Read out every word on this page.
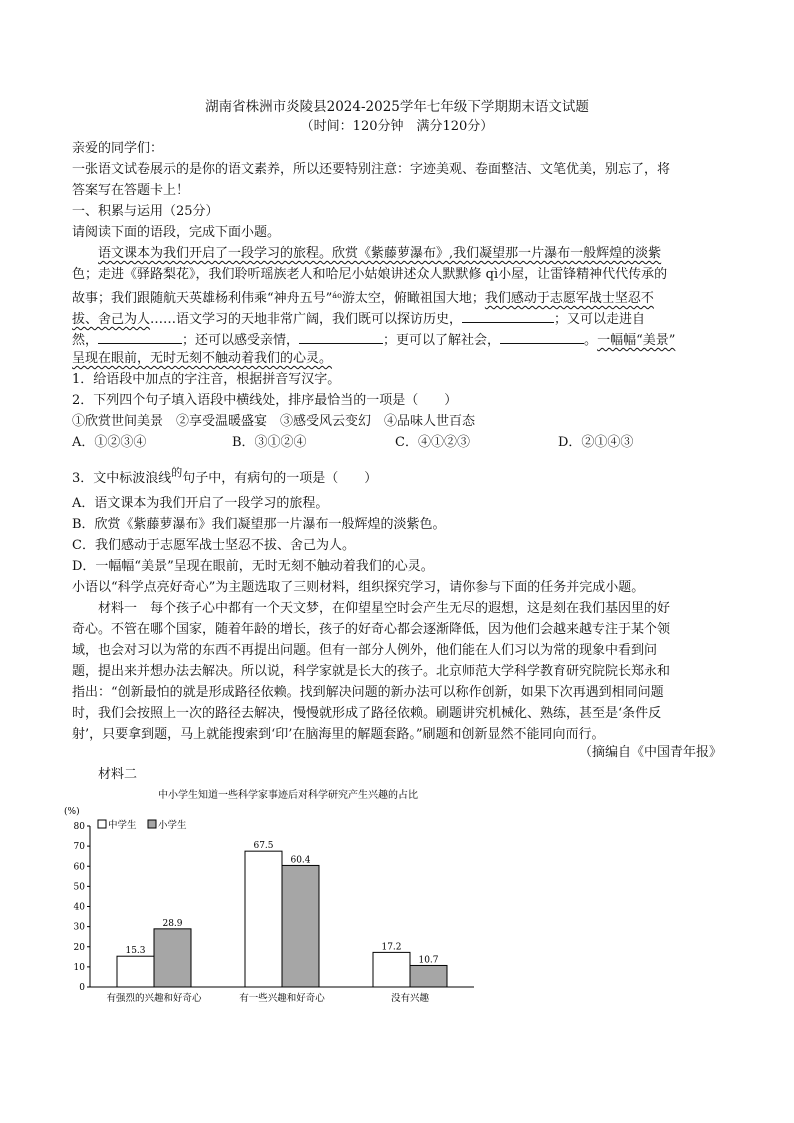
湖南省株洲市炎陵县2024-2025学年七年级下学期期末语文试题
（时间：120分钟　满分120分）
亲爱的同学们：
一张语文试卷展示的是你的语文素养，所以还要特别注意：字迹美观、卷面整洁、文笔优美，别忘了，将
答案写在答题卡上！
一、积累与运用（25分）
请阅读下面的语段，完成下面小题。
语文课本为我们开启了一段学习的旅程。欣赏《紫藤萝瀑布》,我们凝望那一片瀑布一般辉煌的淡紫
色；走进《驿路梨花》，我们聆听瑶族老人和哈尼小姑娘讲述众人默默修 qì小屋，让雷锋精神代代传承的
故事；我们跟随航天英雄杨利伟乘“神舟五号”$^{áo}$游太空，俯瞰祖国大地；我们感动于志愿军战士坚忍不
拔、舍己为人……语文学习的天地非常广阔，我们既可以探访历史，	；又可以走进自
然，	；还可以感受亲情，	；更可以了解社会，	。一幅幅“美景”
呈现在眼前，无时无刻不触动着我们的心灵。
1．给语段中加点的字注音，根据拼音写汉字。
2．下列四个句子填入语段中横线处，排序最恰当的一项是（　　）
①欣赏世间美景　②享受温暖盛宴　③感受风云变幻　④品味人世百态
A．①②③④	B．③①②④	C．④①②③	D．②①④③
3．文中标波浪线$^的$句子中，有病句的一项是（　　）
A．语文课本为我们开启了一段学习的旅程。
B．欣赏《紫藤萝瀑布》我们凝望那一片瀑布一般辉煌的淡紫色。
C．我们感动于志愿军战士坚忍不拔、舍己为人。
D．一幅幅“美景”呈现在眼前，无时无刻不触动着我们的心灵。
小语以“科学点亮好奇心”为主题选取了三则材料，组织探究学习，请你参与下面的任务并完成小题。
材料一　每个孩子心中都有一个天文梦，在仰望星空时会产生无尽的遐想，这是刻在我们基因里的好
奇心。不管在哪个国家，随着年龄的增长，孩子的好奇心都会逐渐降低，因为他们会越来越专注于某个领
域，也会对习以为常的东西不再提出问题。但有一部分人例外，他们能在人们习以为常的现象中看到问
题，提出来并想办法去解决。所以说，科学家就是长大的孩子。北京师范大学科学教育研究院院长郑永和
指出：“创新最怕的就是形成路径依赖。找到解决问题的新办法可以称作创新，如果下次再遇到相同问题
时，我们会按照上一次的路径去解决，慢慢就形成了路径依赖。刷题讲究机械化、熟练，甚至是‘条件反
射’，只要拿到题，马上就能搜索到‘印’在脑海里的解题套路。”刷题和创新显然不能同向而行。
（摘编自《中国青年报》
材料二
中小学生知道一些科学家事迹后对科学研究产生兴趣的占比
(%)
0
10
20
30
40
50
60
70
80
15.3
28.9
有强烈的兴趣和好奇心
67.5
60.4
有一些兴趣和好奇心
17.2
10.7
没有兴趣
中学生 小学生
